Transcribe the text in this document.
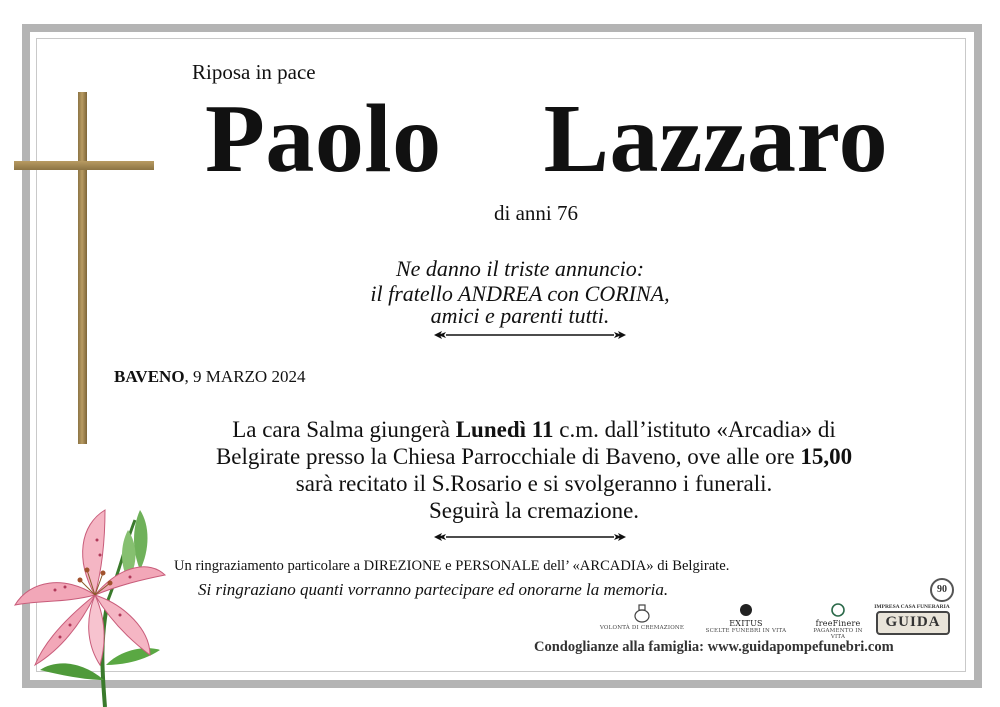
Riposa in pace
Paolo  Lazzaro
di anni 76
Ne danno il triste annuncio:
il fratello ANDREA con CORINA,
amici e parenti tutti.
BAVENO, 9 MARZO 2024
La cara Salma giungerà Lunedì 11 c.m. dall’istituto «Arcadia» di
Belgirate presso la Chiesa Parrocchiale di Baveno, ove alle ore 15,00
sarà recitato il S.Rosario e si svolgeranno i funerali.
Seguirà la cremazione.
Un ringraziamento particolare a DIREZIONE e PERSONALE dell’ «ARCADIA» di Belgirate.
Si ringraziano quanti vorranno partecipare ed onorarne la memoria.
VOLONTÀ DI CREMAZIONE	EXITUS
SCELTE FUNEBRI IN VITA
freeFinere
PAGAMENTO IN VITA
90
IMPRESA CASA FUNERARIA
GUIDA
Condoglianze alla famiglia: www.guidapompefunebri.com
